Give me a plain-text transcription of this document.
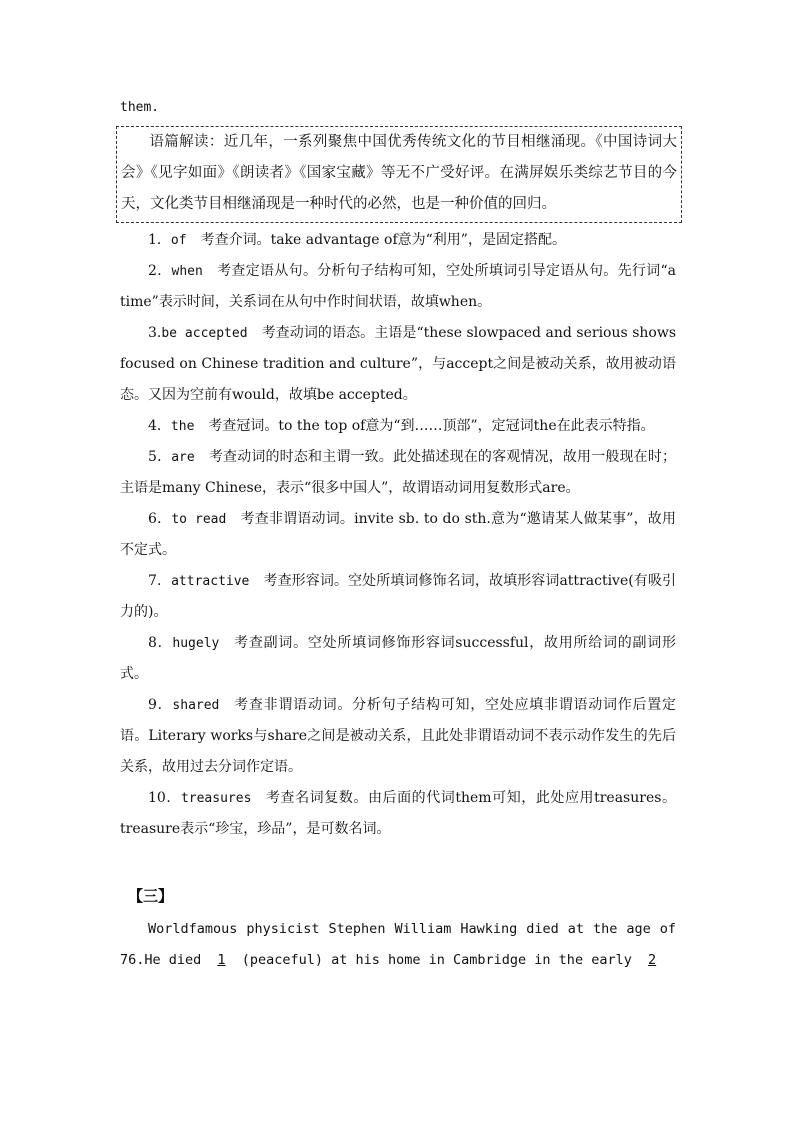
them.

语篇解读：近几年，一系列聚焦中国优秀传统文化的节目相继涌现。《中国诗词大会》《见字如面》《朗读者》《国家宝藏》等无不广受好评。在满屏娱乐类综艺节目的今天，文化类节目相继涌现是一种时代的必然，也是一种价值的回归。

1．of 考查介词。take advantage of意为“利用”，是固定搭配。

2．when 考查定语从句。分析句子结构可知，空处所填词引导定语从句。先行词“a time”表示时间，关系词在从句中作时间状语，故填when。

3.be accepted 考查动词的语态。主语是“these slowpaced and serious shows focused on Chinese tradition and culture”，与accept之间是被动关系，故用被动语态。又因为空前有would，故填be accepted。

4．the 考查冠词。to the top of意为“到……顶部”，定冠词the在此表示特指。

5．are 考查动词的时态和主谓一致。此处描述现在的客观情况，故用一般现在时；主语是many Chinese，表示“很多中国人”，故谓语动词用复数形式are。

6．to read 考查非谓语动词。invite sb. to do sth.意为“邀请某人做某事”，故用不定式。

7．attractive 考查形容词。空处所填词修饰名词，故填形容词attractive(有吸引力的)。

8．hugely 考查副词。空处所填词修饰形容词successful，故用所给词的副词形式。

9．shared 考查非谓语动词。分析句子结构可知，空处应填非谓语动词作后置定语。Literary works与share之间是被动关系，且此处非谓语动词不表示动作发生的先后关系，故用过去分词作定语。

10．treasures 考查名词复数。由后面的代词them可知，此处应用treasures。treasure表示“珍宝，珍品”，是可数名词。

【三】

Worldfamous physicist Stephen William Hawking died at the age of 76.He died 1 (peaceful) at his home in Cambridge in the early 2
